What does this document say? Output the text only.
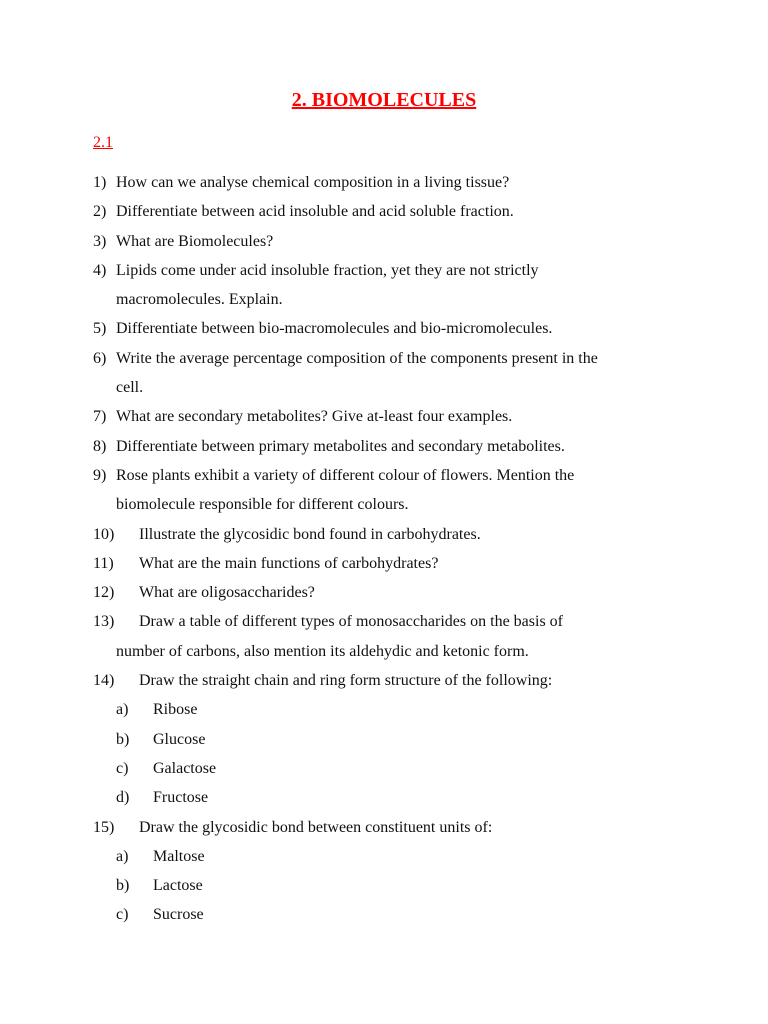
2. BIOMOLECULES
2.1
1) How can we analyse chemical composition in a living tissue?
2) Differentiate between acid insoluble and acid soluble fraction.
3) What are Biomolecules?
4) Lipids come under acid insoluble fraction, yet they are not strictly
macromolecules. Explain.
5) Differentiate between bio-macromolecules and bio-micromolecules.
6) Write the average percentage composition of the components present in the
cell.
7) What are secondary metabolites? Give at-least four examples.
8) Differentiate between primary metabolites and secondary metabolites.
9) Rose plants exhibit a variety of different colour of flowers. Mention the
biomolecule responsible for different colours.
10)	Illustrate the glycosidic bond found in carbohydrates.
11)	What are the main functions of carbohydrates?
12)	What are oligosaccharides?
13)	Draw a table of different types of monosaccharides on the basis of
number of carbons, also mention its aldehydic and ketonic form.
14)	Draw the straight chain and ring form structure of the following:
a)	Ribose
b)	Glucose
c)	Galactose
d)	Fructose
15)	Draw the glycosidic bond between constituent units of:
a)	Maltose
b)	Lactose
c)	Sucrose
